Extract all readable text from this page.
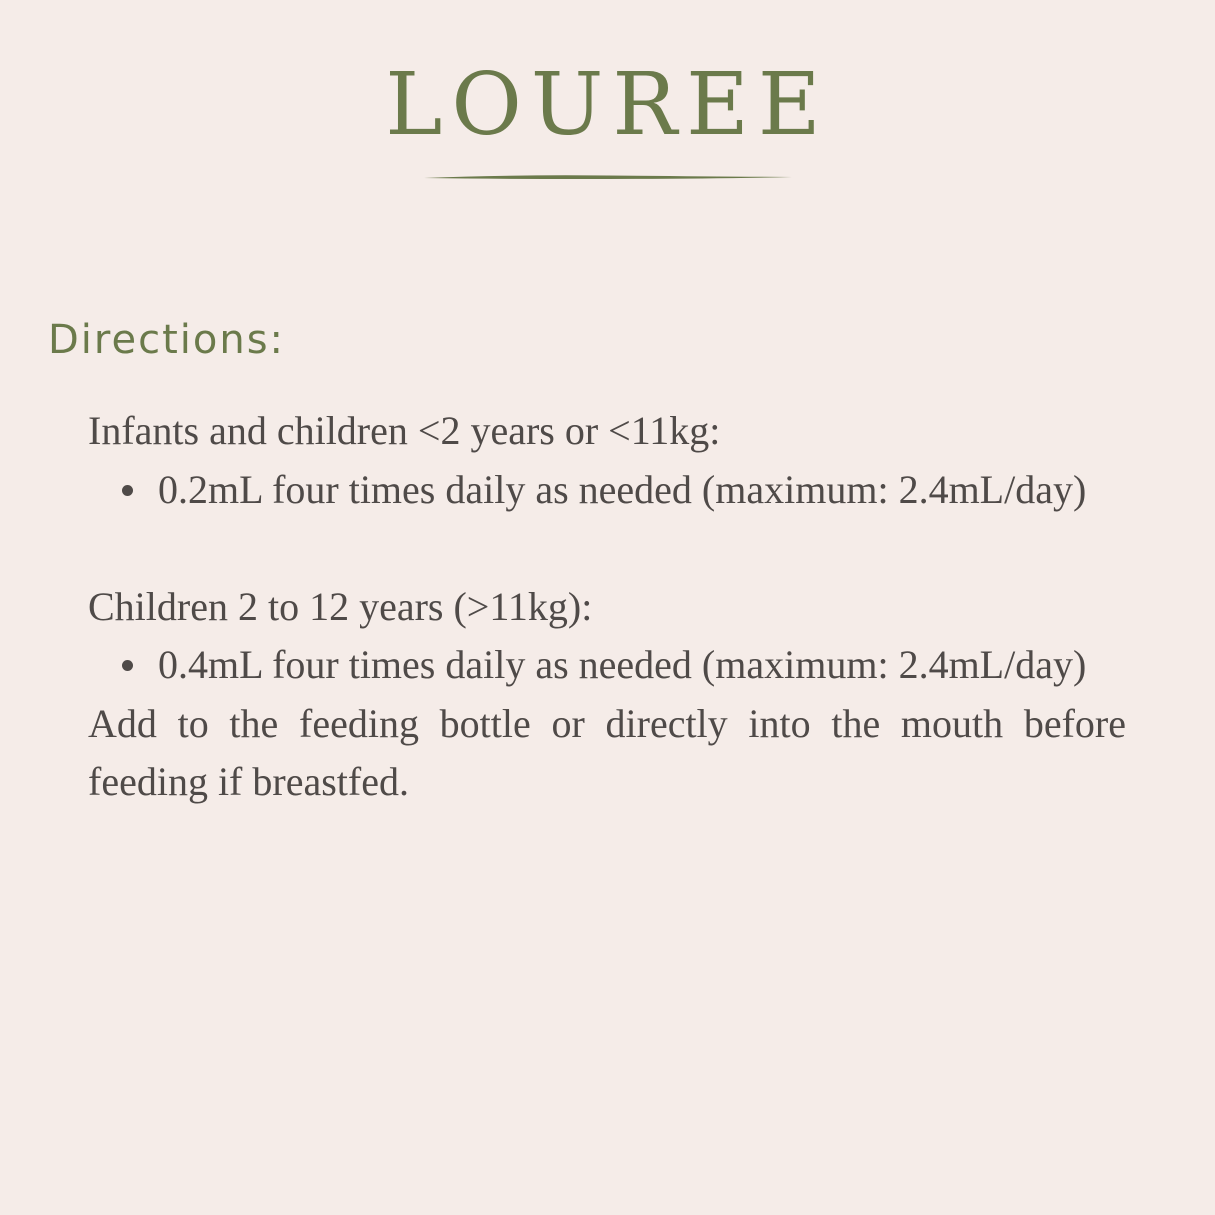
LOUREE
Directions:

Infants and children <2 years or <11kg:

0.2mL four times daily as needed (maximum: 2.4mL/day)

Children 2 to 12 years (>11kg):

0.4mL four times daily as needed (maximum: 2.4mL/day)

Add to the feeding bottle or directly into the mouth before feeding if breastfed.
